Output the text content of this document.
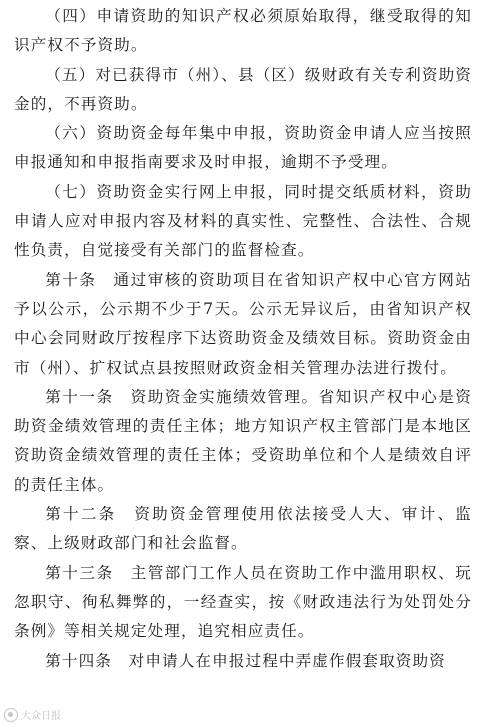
（四）申请资助的知识产权必须原始取得，继受取得的知识产权不予资助。

（五）对已获得市（州）、县（区）级财政有关专利资助资金的，不再资助。

（六）资助资金每年集中申报，资助资金申请人应当按照申报通知和申报指南要求及时申报，逾期不予受理。

（七）资助资金实行网上申报，同时提交纸质材料，资助申请人应对申报内容及材料的真实性、完整性、合法性、合规性负责，自觉接受有关部门的监督检查。

第十条　通过审核的资助项目在省知识产权中心官方网站予以公示，公示期不少于7天。公示无异议后，由省知识产权中心会同财政厅按程序下达资助资金及绩效目标。资助资金由市（州）、扩权试点县按照财政资金相关管理办法进行拨付。

第十一条　资助资金实施绩效管理。省知识产权中心是资助资金绩效管理的责任主体；地方知识产权主管部门是本地区资助资金绩效管理的责任主体；受资助单位和个人是绩效自评的责任主体。

第十二条　资助资金管理使用依法接受人大、审计、监察、上级财政部门和社会监督。

第十三条　主管部门工作人员在资助工作中滥用职权、玩忽职守、徇私舞弊的，一经查实，按《财政违法行为处罚处分条例》等相关规定处理，追究相应责任。

第十四条　对申请人在申报过程中弄虚作假套取资助资

大众日报
